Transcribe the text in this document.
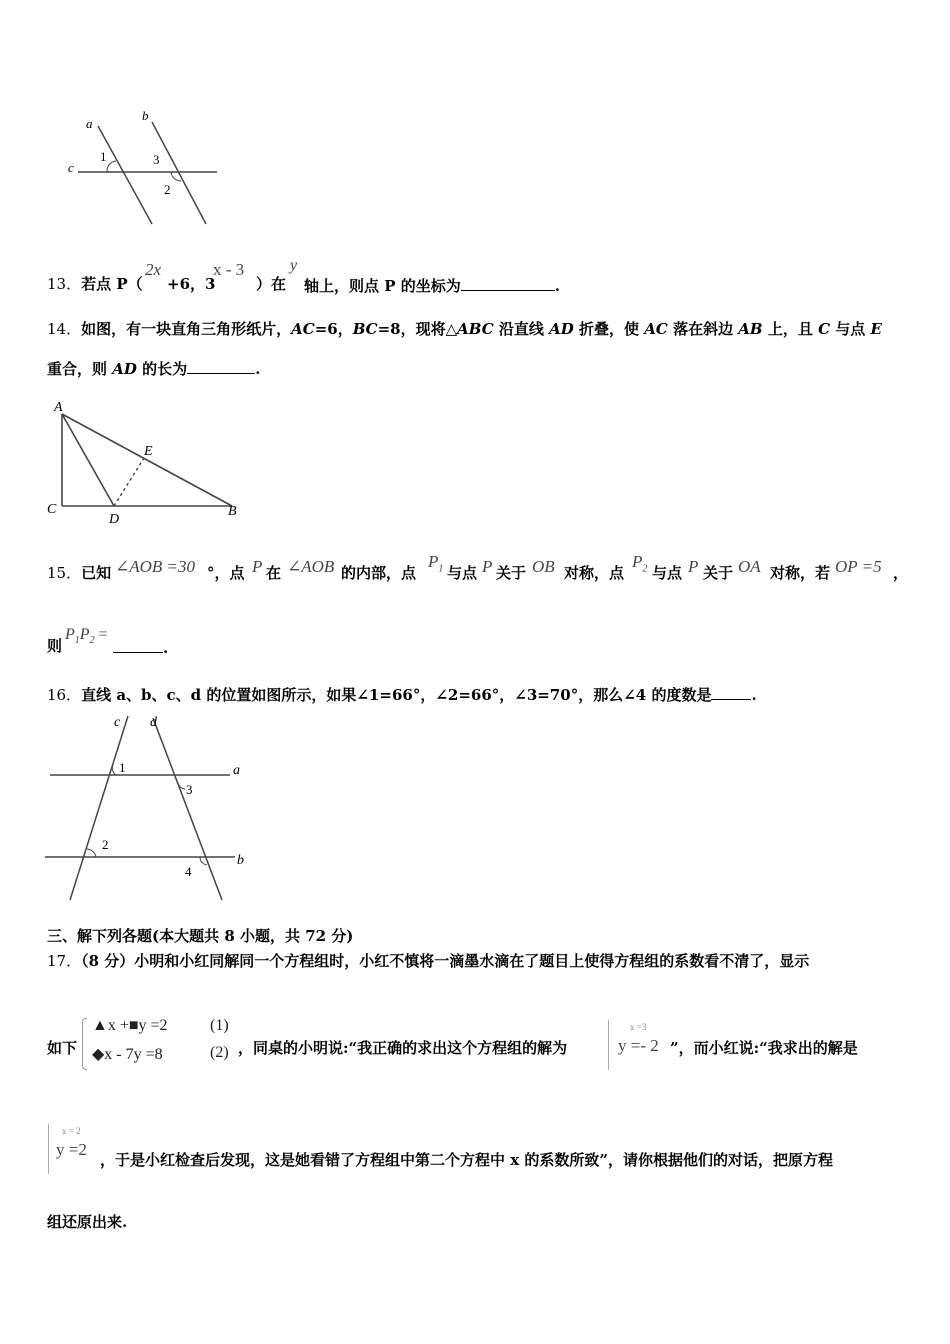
a
b
c
1	3
2
13．若点 P（
2x
+6，3
x - 3
）在
y
轴上，则点 P 的坐标为	.
14．如图，有一块直角三角形纸片，AC=6，BC=8，现将△ABC 沿直线 AD 折叠，使 AC 落在斜边 AB 上，且 C 与点 E
重合，则 AD 的长为	.
A
C
D
E
B
15．已知 ∠AOB =30 °，点 P 在 ∠AOB 的内部，点
$P_1$ 与点 P 关于 OB 对称，点
$P_2$ 与点 P 关于 OA 对称，若 OP =5 ，
则
$P_1P_2$ =
.
16．直线 a、b、c、d 的位置如图所示，如果∠1=66°，∠2=66°，∠3=70°，那么∠4 的度数是	.
c d
a
b
1
3
2
4
三、解下列各题(本大题共 8 小题，共 72 分)
17．（8 分）小明和小红同解同一个方程组时，小红不慎将一滴墨水滴在了题目上使得方程组的系数看不清了，显示
如下
▲x +■y =2	(1)
◆x - 7y =8	(2) ，同桌的小明说:“我正确的求出这个方程组的解为
x =3
y =- 2 ”，而小红说:“我求出的解是
x = 2
y =2
，于是小红检查后发现，这是她看错了方程组中第二个方程中 x 的系数所致”，请你根据他们的对话，把原方程
组还原出来.
